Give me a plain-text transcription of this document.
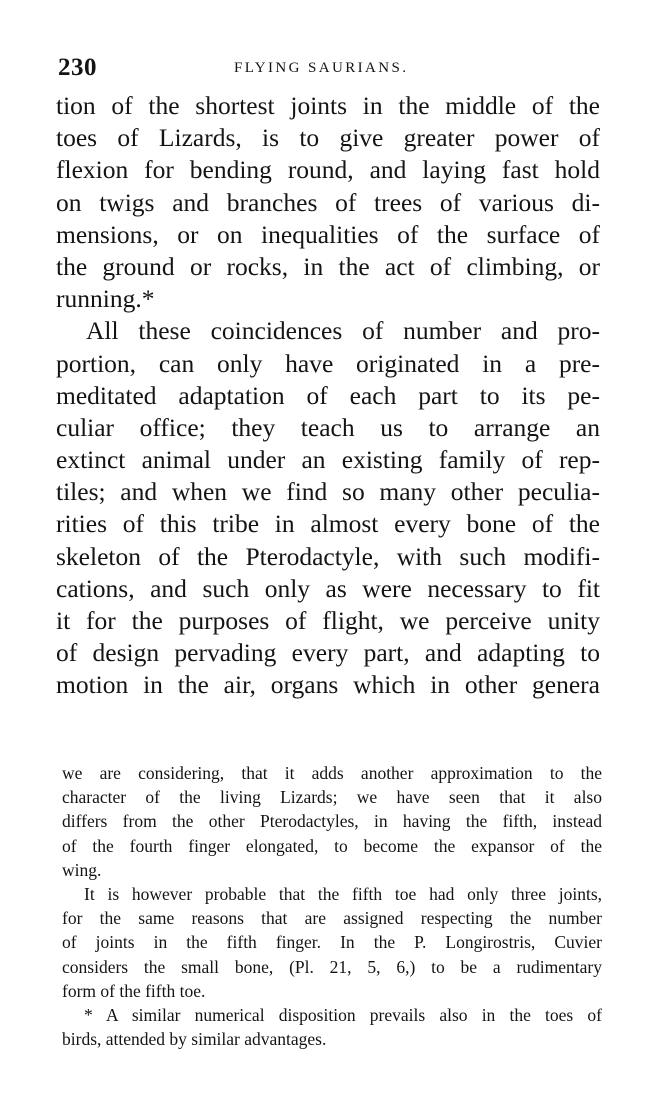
230	FLYING SAURIANS.
tion of the shortest joints in the middle of the
toes of Lizards, is to give greater power of
flexion for bending round, and laying fast hold
on twigs and branches of trees of various di-
mensions, or on inequalities of the surface of
the ground or rocks, in the act of climbing, or
running.*
All these coincidences of number and pro-
portion, can only have originated in a pre-
meditated adaptation of each part to its pe-
culiar office; they teach us to arrange an
extinct animal under an existing family of rep-
tiles; and when we find so many other peculia-
rities of this tribe in almost every bone of the
skeleton of the Pterodactyle, with such modifi-
cations, and such only as were necessary to fit
it for the purposes of flight, we perceive unity
of design pervading every part, and adapting to
motion in the air, organs which in other genera
we are considering, that it adds another approximation to the
character of the living Lizards; we have seen that it also
differs from the other Pterodactyles, in having the fifth, instead
of the fourth finger elongated, to become the expansor of the
wing.
It is however probable that the fifth toe had only three joints,
for the same reasons that are assigned respecting the number
of joints in the fifth finger. In the P. Longirostris, Cuvier
considers the small bone, (Pl. 21, 5, 6,) to be a rudimentary
form of the fifth toe.
* A similar numerical disposition prevails also in the toes of
birds, attended by similar advantages.
